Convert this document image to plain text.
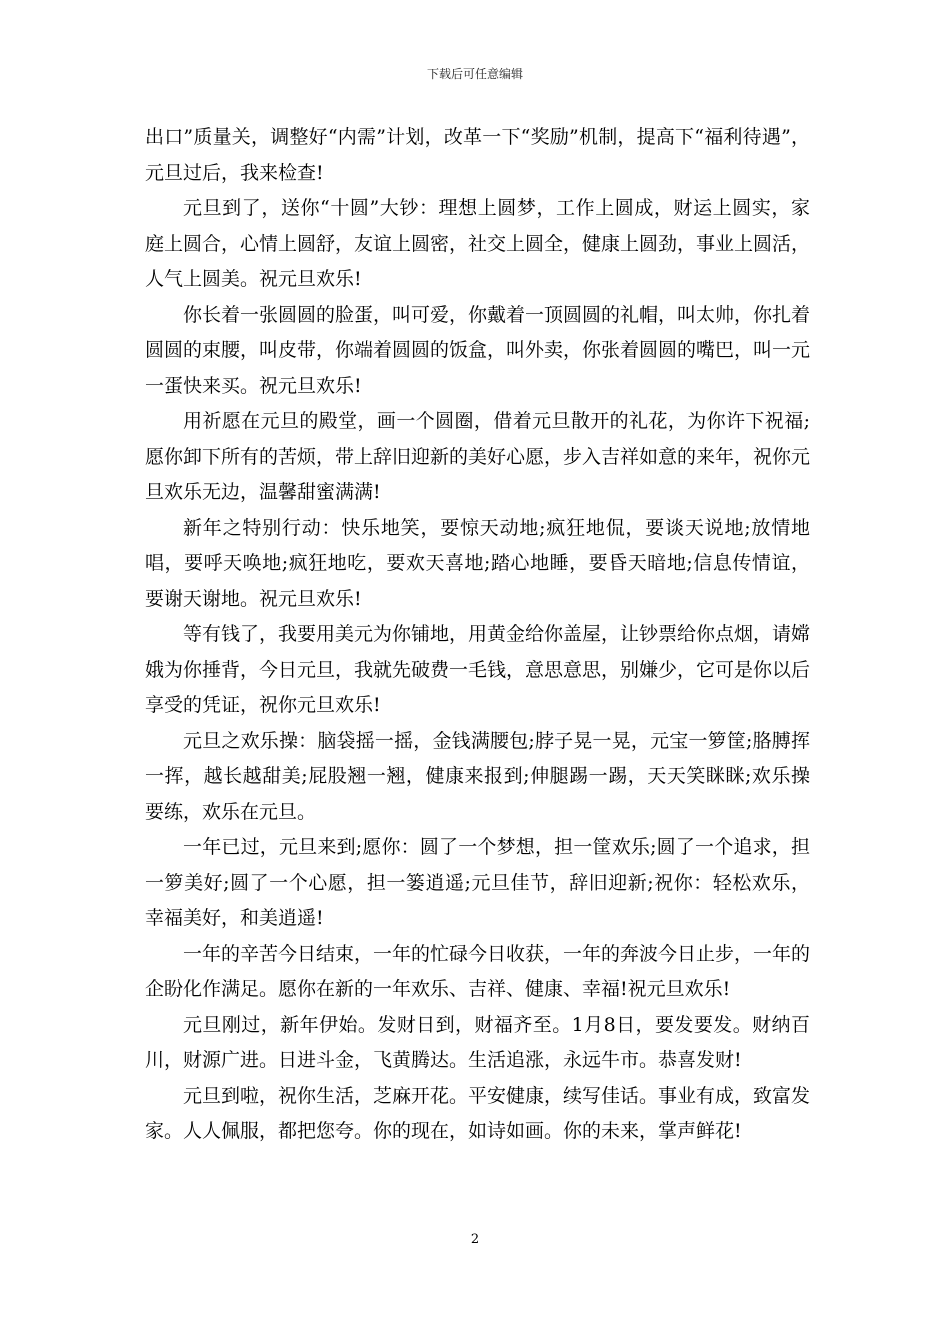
下载后可任意编辑

出口”质量关，调整好“内需”计划，改革一下“奖励”机制，提高下“福利待遇”，元旦过后，我来检查!

元旦到了，送你“十圆”大钞：理想上圆梦，工作上圆成，财运上圆实，家庭上圆合，心情上圆舒，友谊上圆密，社交上圆全，健康上圆劲，事业上圆活，人气上圆美。祝元旦欢乐!

你长着一张圆圆的脸蛋，叫可爱，你戴着一顶圆圆的礼帽，叫太帅，你扎着圆圆的束腰，叫皮带，你端着圆圆的饭盒，叫外卖，你张着圆圆的嘴巴，叫一元一蛋快来买。祝元旦欢乐!

用祈愿在元旦的殿堂，画一个圆圈，借着元旦散开的礼花，为你许下祝福;愿你卸下所有的苦烦，带上辞旧迎新的美好心愿，步入吉祥如意的来年，祝你元旦欢乐无边，温馨甜蜜满满!

新年之特别行动：快乐地笑，要惊天动地;疯狂地侃，要谈天说地;放情地唱，要呼天唤地;疯狂地吃，要欢天喜地;踏心地睡，要昏天暗地;信息传情谊，要谢天谢地。祝元旦欢乐!

等有钱了，我要用美元为你铺地，用黄金给你盖屋，让钞票给你点烟，请嫦娥为你捶背，今日元旦，我就先破费一毛钱，意思意思，别嫌少，它可是你以后享受的凭证，祝你元旦欢乐!

元旦之欢乐操：脑袋摇一摇，金钱满腰包;脖子晃一晃，元宝一箩筐;胳膊挥一挥，越长越甜美;屁股翘一翘，健康来报到;伸腿踢一踢，天天笑眯眯;欢乐操要练，欢乐在元旦。

一年已过，元旦来到;愿你：圆了一个梦想，担一筐欢乐;圆了一个追求，担一箩美好;圆了一个心愿，担一篓逍遥;元旦佳节，辞旧迎新;祝你：轻松欢乐，幸福美好，和美逍遥!

一年的辛苦今日结束，一年的忙碌今日收获，一年的奔波今日止步，一年的企盼化作满足。愿你在新的一年欢乐、吉祥、健康、幸福!祝元旦欢乐!

元旦刚过，新年伊始。发财日到，财福齐至。1月8日，要发要发。财纳百川，财源广进。日进斗金，飞黄腾达。生活追涨，永远牛市。恭喜发财!

元旦到啦，祝你生活，芝麻开花。平安健康，续写佳话。事业有成，致富发家。人人佩服，都把您夸。你的现在，如诗如画。你的未来，掌声鲜花!

2
